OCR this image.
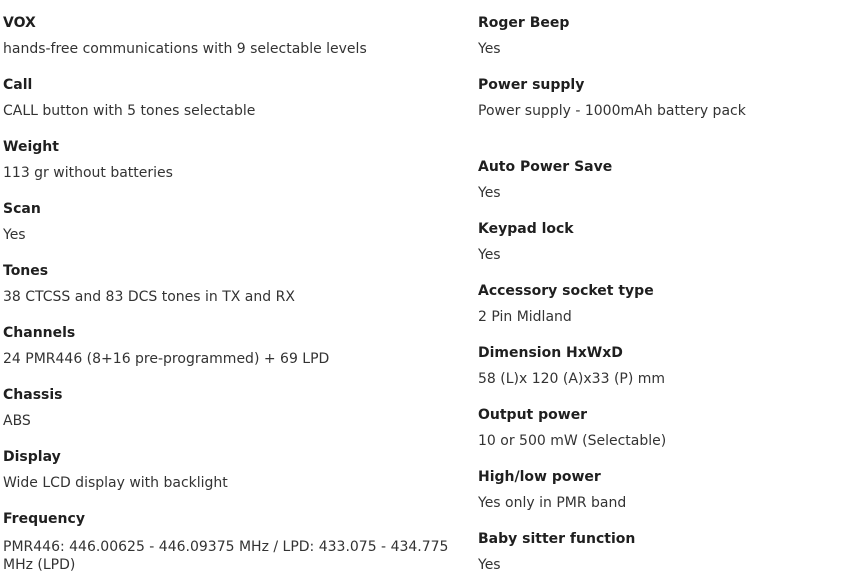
VOX
hands-free communications with 9 selectable levels
Call
CALL button with 5 tones selectable
Weight
113 gr without batteries
Scan
Yes
Tones
38 CTCSS and 83 DCS tones in TX and RX
Channels
24 PMR446 (8+16 pre-programmed) + 69 LPD
Chassis
ABS
Display
Wide LCD display with backlight
Frequency
PMR446: 446.00625 - 446.09375 MHz / LPD: 433.075 - 434.775MHz (LPD)
Roger Beep
Yes
Power supply
Power supply - 1000mAh battery pack
Auto Power Save
Yes
Keypad lock
Yes
Accessory socket type
2 Pin Midland
Dimension HxWxD
58 (L)x 120 (A)x33 (P) mm
Output power
10 or 500 mW (Selectable)
High/low power
Yes only in PMR band
Baby sitter function
Yes
